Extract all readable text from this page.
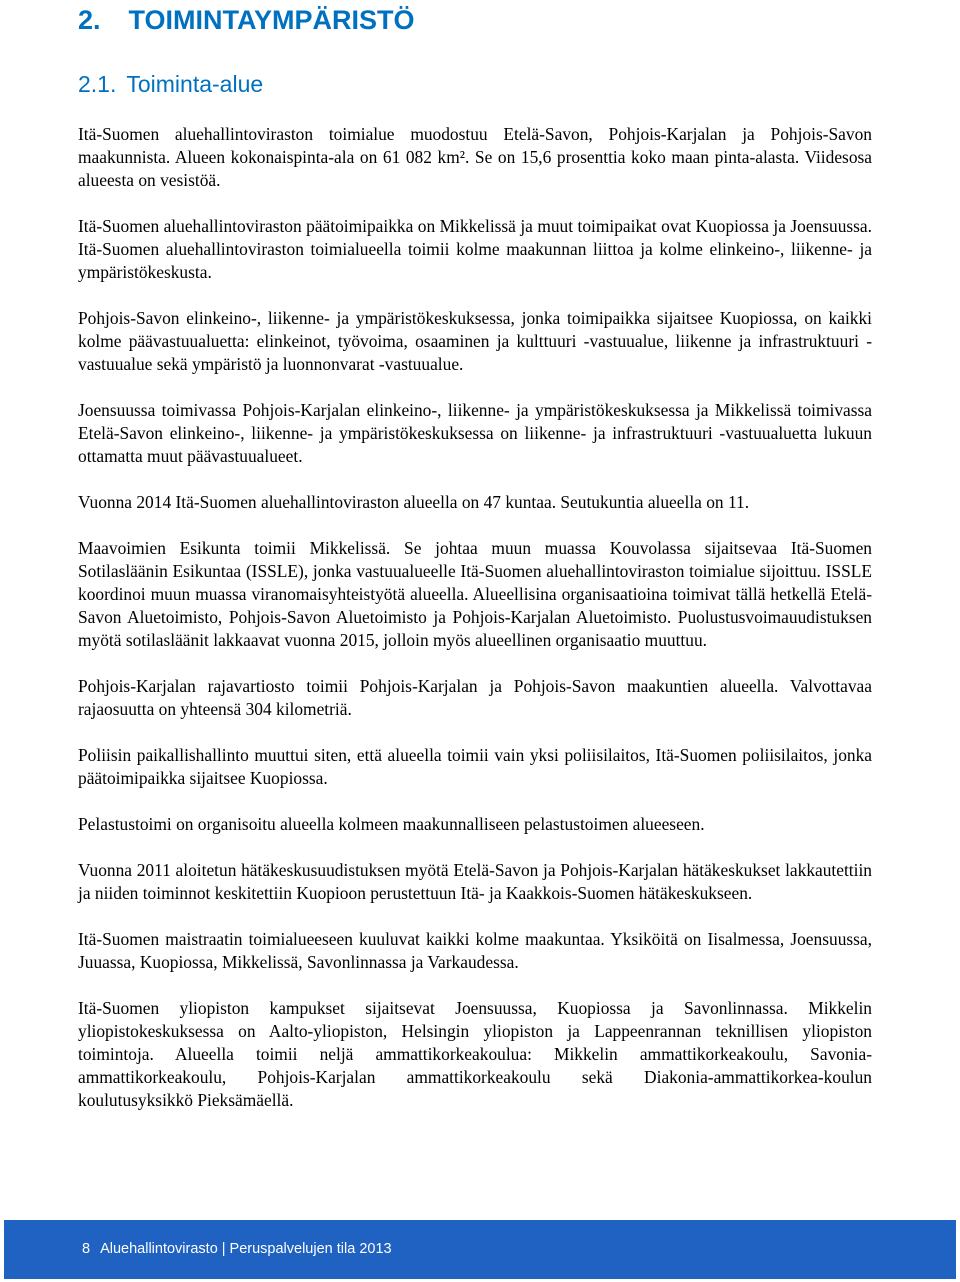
2. TOIMINTAYMPÄRISTÖ
2.1. Toiminta-alue

Itä-Suomen aluehallintoviraston toimialue muodostuu Etelä-Savon, Pohjois-Karjalan ja Pohjois-Savon maakunnista. Alueen kokonaispinta-ala on 61 082 km². Se on 15,6 prosenttia koko maan pinta-alasta. Viidesosa alueesta on vesistöä.

Itä-Suomen aluehallintoviraston päätoimipaikka on Mikkelissä ja muut toimipaikat ovat Kuopiossa ja Joensuussa. Itä-Suomen aluehallintoviraston toimialueella toimii kolme maakunnan liittoa ja kolme elinkeino-, liikenne- ja ympäristökeskusta.

Pohjois-Savon elinkeino-, liikenne- ja ympäristökeskuksessa, jonka toimipaikka sijaitsee Kuopiossa, on kaikki kolme päävastuualuetta: elinkeinot, työvoima, osaaminen ja kulttuuri -vastuualue, liikenne ja infrastruktuuri -vastuualue sekä ympäristö ja luonnonvarat -vastuualue.

Joensuussa toimivassa Pohjois-Karjalan elinkeino-, liikenne- ja ympäristökeskuksessa ja Mikkelissä toimivassa Etelä-Savon elinkeino-, liikenne- ja ympäristökeskuksessa on liikenne- ja infrastruktuuri -vastuualuetta lukuun ottamatta muut päävastuualueet.

Vuonna 2014 Itä-Suomen aluehallintoviraston alueella on 47 kuntaa. Seutukuntia alueella on 11.

Maavoimien Esikunta toimii Mikkelissä. Se johtaa muun muassa Kouvolassa sijaitsevaa Itä-Suomen Sotilasläänin Esikuntaa (ISSLE), jonka vastuualueelle Itä-Suomen aluehallintoviraston toimialue sijoittuu. ISSLE koordinoi muun muassa viranomaisyhteistyötä alueella. Alueellisina organisaatioina toimivat tällä hetkellä Etelä-Savon Aluetoimisto, Pohjois-Savon Aluetoimisto ja Pohjois-Karjalan Aluetoimisto. Puolustusvoimauudistuksen myötä sotilasläänit lakkaavat vuonna 2015, jolloin myös alueellinen organisaatio muuttuu.

Pohjois-Karjalan rajavartiosto toimii Pohjois-Karjalan ja Pohjois-Savon maakuntien alueella. Valvottavaa rajaosuutta on yhteensä 304 kilometriä.

Poliisin paikallishallinto muuttui siten, että alueella toimii vain yksi poliisilaitos, Itä-Suomen poliisilaitos, jonka päätoimipaikka sijaitsee Kuopiossa.

Pelastustoimi on organisoitu alueella kolmeen maakunnalliseen pelastustoimen alueeseen.

Vuonna 2011 aloitetun hätäkeskusuudistuksen myötä Etelä-Savon ja Pohjois-Karjalan hätäkeskukset lakkautettiin ja niiden toiminnot keskitettiin Kuopioon perustettuun Itä- ja Kaakkois-Suomen hätäkeskukseen.

Itä-Suomen maistraatin toimialueeseen kuuluvat kaikki kolme maakuntaa. Yksiköitä on Iisalmessa, Joensuussa, Juuassa, Kuopiossa, Mikkelissä, Savonlinnassa ja Varkaudessa.

Itä-Suomen yliopiston kampukset sijaitsevat Joensuussa, Kuopiossa ja Savonlinnassa. Mikkelin yliopistokeskuksessa on Aalto-yliopiston, Helsingin yliopiston ja Lappeenrannan teknillisen yliopiston toimintoja. Alueella toimii neljä ammattikorkeakoulua: Mikkelin ammattikorkeakoulu, Savonia-ammattikorkeakoulu, Pohjois-Karjalan ammattikorkeakoulu sekä Diakonia-ammattikorkea-koulun koulutusyksikkö Pieksämäellä.

8 Aluehallintovirasto | Peruspalvelujen tila 2013
